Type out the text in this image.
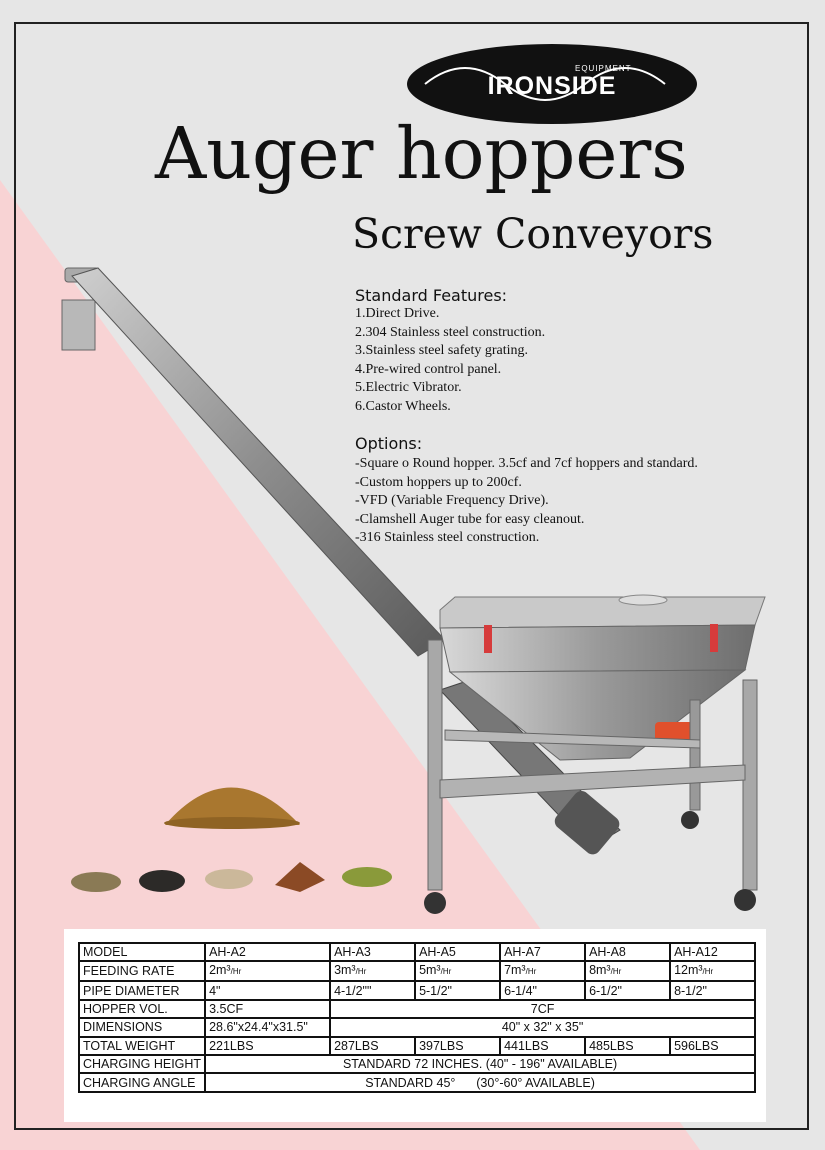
EQUIPMENT
IRONSIDE
Auger hoppers
Screw Conveyors
Standard Features:
1.Direct Drive.
2.304 Stainless steel construction.
3.Stainless steel safety grating.
4.Pre-wired control panel.
5.Electric Vibrator.
6.Castor Wheels.
Options:
-Square o Round hopper. 3.5cf and 7cf hoppers and standard.
-Custom hoppers up to 200cf.
-VFD (Variable Frequency Drive).
-Clamshell Auger tube for easy cleanout.
-316 Stainless steel construction.
MODEL	AH-A2	AH-A3	AH-A5	AH-A7	AH-A8	AH-A12
FEEDING RATE	2m³/Hr	3m³/Hr	5m³/Hr	7m³/Hr	8m³/Hr	12m³/Hr
PIPE DIAMETER	4"	4-1/2""	5-1/2"	6-1/4"	6-1/2"	8-1/2"
HOPPER VOL.	3.5CF	7CF				
DIMENSIONS	28.6"x24.4"x31.5"	40" x 32" x 35"				
TOTAL WEIGHT	221LBS	287LBS	397LBS	441LBS	485LBS	596LBS
CHARGING HEIGHT	STANDARD 72 INCHES. (40" - 196" AVAILABLE)					
CHARGING ANGLE	STANDARD 45°      (30°-60° AVAILABLE)					
